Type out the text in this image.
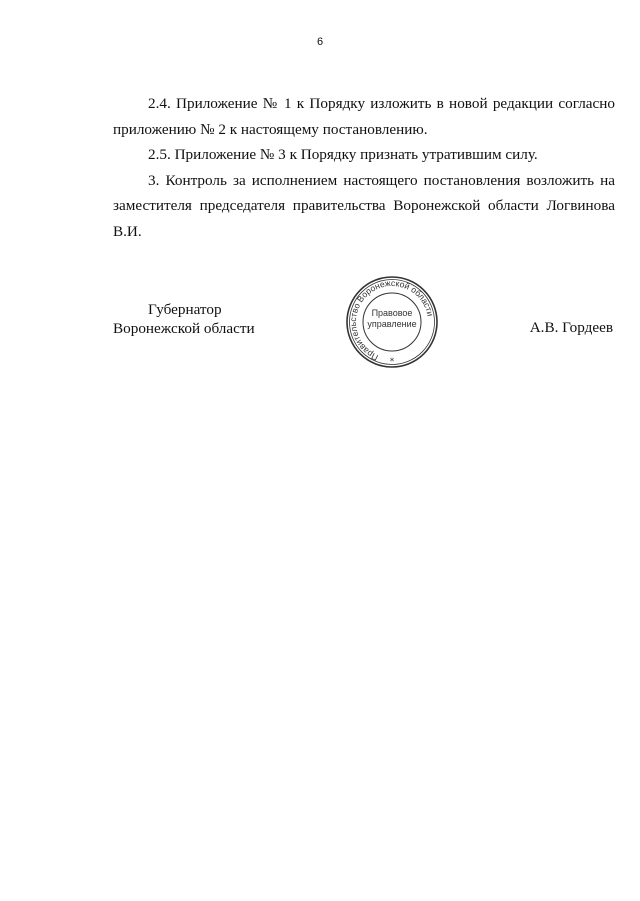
6

2.4. Приложение № 1 к Порядку изложить в новой редакции согласно приложению № 2 к настоящему постановлению.

2.5. Приложение № 3 к Порядку признать утратившим силу.

3. Контроль за исполнением настоящего постановления возложить на заместителя председателя правительства Воронежской области Логвинова В.И.

Губернатор
Воронежской области
Правительство Воронежской области
*
Правовое
управление	А.В. Гордеев
